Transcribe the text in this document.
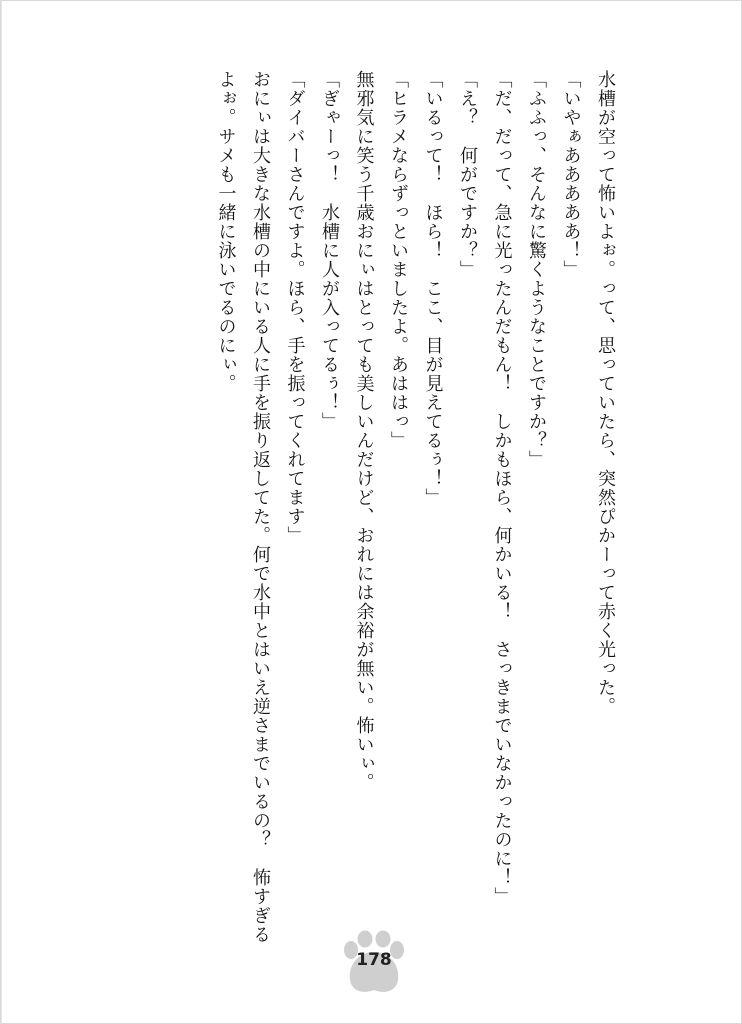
水槽が空って怖いよぉ。って、思っていたら、突然ぴかーって赤く光った。
「いやぁあああああ！」
「ふふっ、そんなに驚くようなことですか？」
「だ、だって、急に光ったんだもん！　しかもほら、何かいる！　さっきまでいなかったのに！」
「え？　何がですか？」
「いるって！　ほら！　ここ、目が見えてるぅ！」
「ヒラメならずっといましたよ。あははっ」
無邪気に笑う千歳おにぃはとっても美しいんだけど、おれには余裕が無い。怖いぃ。
「ぎゃーっ！　水槽に人が入ってるぅ！」
「ダイバーさんですよ。ほら、手を振ってくれてます」
おにぃは大きな水槽の中にいる人に手を振り返してた。何で水中とはいえ逆さまでいるの？　怖すぎる
よぉ。サメも一緒に泳いでるのにぃ。
178
